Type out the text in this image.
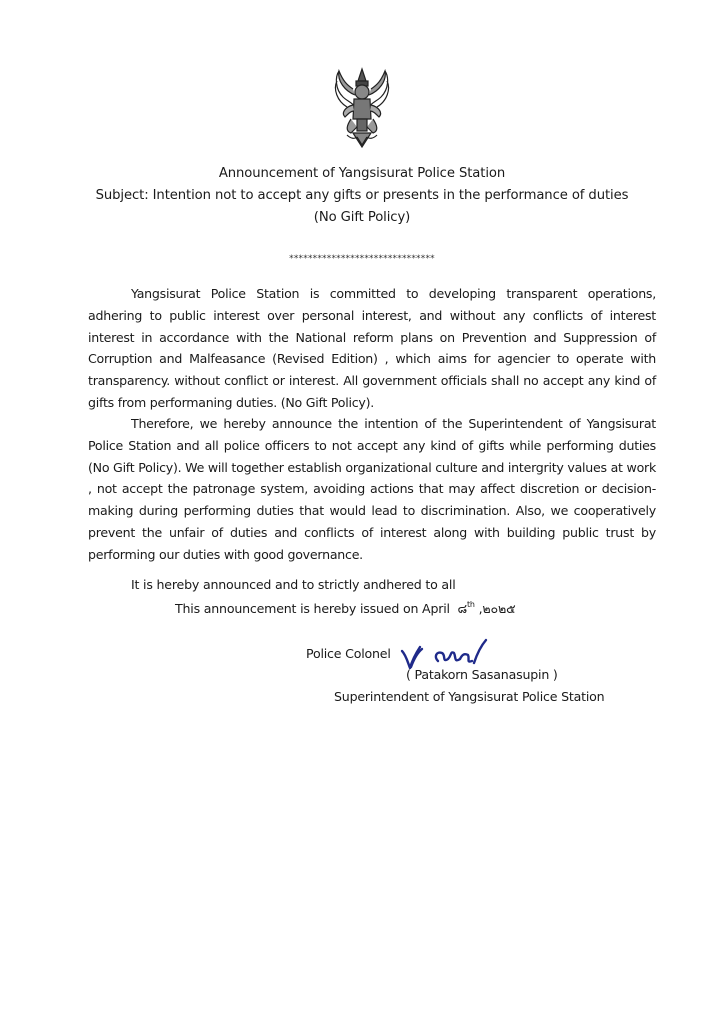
Announcement of Yangsisurat Police Station
Subject: Intention not to accept any gifts or presents in the performance of duties
(No Gift Policy)
*******************************
Yangsisurat Police Station is committed to developing transparent operations, adhering to public interest over personal interest, and without any conflicts of interest interest in accordance with the National reform plans on Prevention and Suppression of Corruption and Malfeasance (Revised Edition) , which aims for agencier to operate with transparency. without conflict or interest. All government officials shall no accept any kind of gifts from performaning duties. (No Gift Policy).
Therefore, we hereby announce the intention of the Superintendent of Yangsisurat Police Station and all police officers to not accept any kind of gifts while performing duties (No Gift Policy). We will together establish organizational culture and intergrity values at work , not accept the patronage system, avoiding actions that may affect discretion or decision-making during performing duties that would lead to discrimination. Also, we cooperatively prevent the unfair of duties and conflicts of interest along with building public trust by performing our duties with good governance.
It is hereby announced and to strictly andhered to all
This announcement is hereby issued on April ๘$^{th}$ ,๒๐๒๕
Police Colonel
( Patakorn Sasanasupin )
Superintendent of Yangsisurat Police Station
